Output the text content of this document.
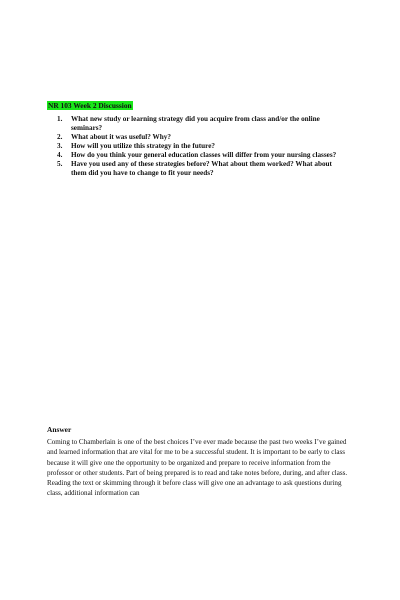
NR 103 Week 2 Discussion
1. What new study or learning strategy did you acquire from class and/or the online seminars?
2. What about it was useful? Why?
3. How will you utilize this strategy in the future?
4. How do you think your general education classes will differ from your nursing classes?
5. Have you used any of these strategies before? What about them worked? What about them did you have to change to fit your needs?
Answer

Coming to Chamberlain is one of the best choices I’ve ever made because the past two weeks I’ve gained and learned information that are vital for me to be a successful student. It is important to be early to class because it will give one the opportunity to be organized and prepare to receive information from the professor or other students. Part of being prepared is to read and take notes before, during, and after class. Reading the text or skimming through it before class will give one an advantage to ask questions during class, additional information can
